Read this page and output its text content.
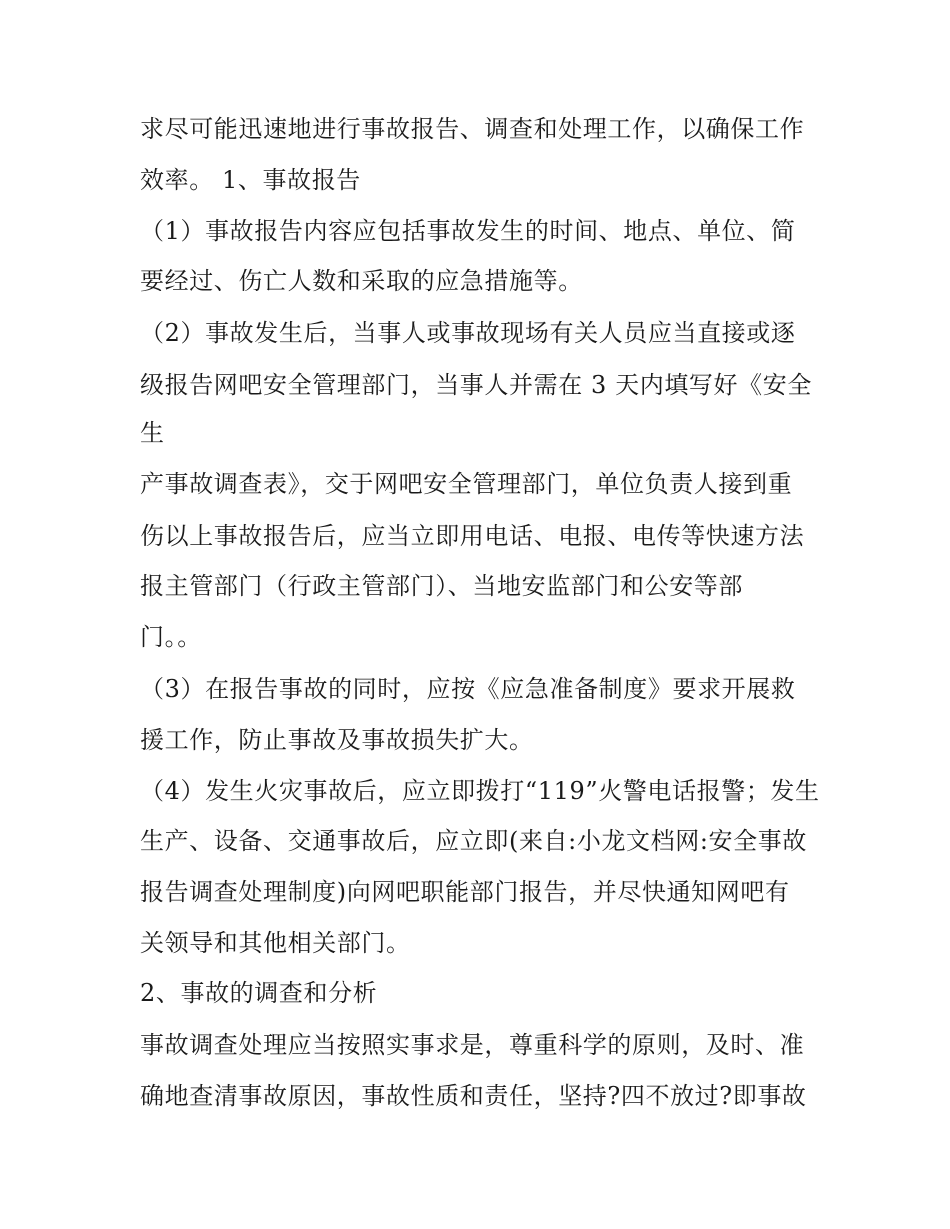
求尽可能迅速地进行事故报告、调查和处理工作，以确保工作
效率。 1、事故报告
（1）事故报告内容应包括事故发生的时间、地点、单位、简
要经过、伤亡人数和采取的应急措施等。
（2）事故发生后，当事人或事故现场有关人员应当直接或逐
级报告网吧安全管理部门，当事人并需在 3 天内填写好《安全
生
产事故调查表》，交于网吧安全管理部门，单位负责人接到重
伤以上事故报告后，应当立即用电话、电报、电传等快速方法
报主管部门（行政主管部门）、当地安监部门和公安等部
门。。
（3）在报告事故的同时，应按《应急准备制度》要求开展救
援工作，防止事故及事故损失扩大。
（4）发生火灾事故后，应立即拨打“119”火警电话报警；发生
生产、设备、交通事故后，应立即(来自:小龙文档网:安全事故
报告调查处理制度)向网吧职能部门报告，并尽快通知网吧有
关领导和其他相关部门。
2、事故的调查和分析
事故调查处理应当按照实事求是，尊重科学的原则，及时、准
确地查清事故原因，事故性质和责任，坚持?四不放过?即事故
